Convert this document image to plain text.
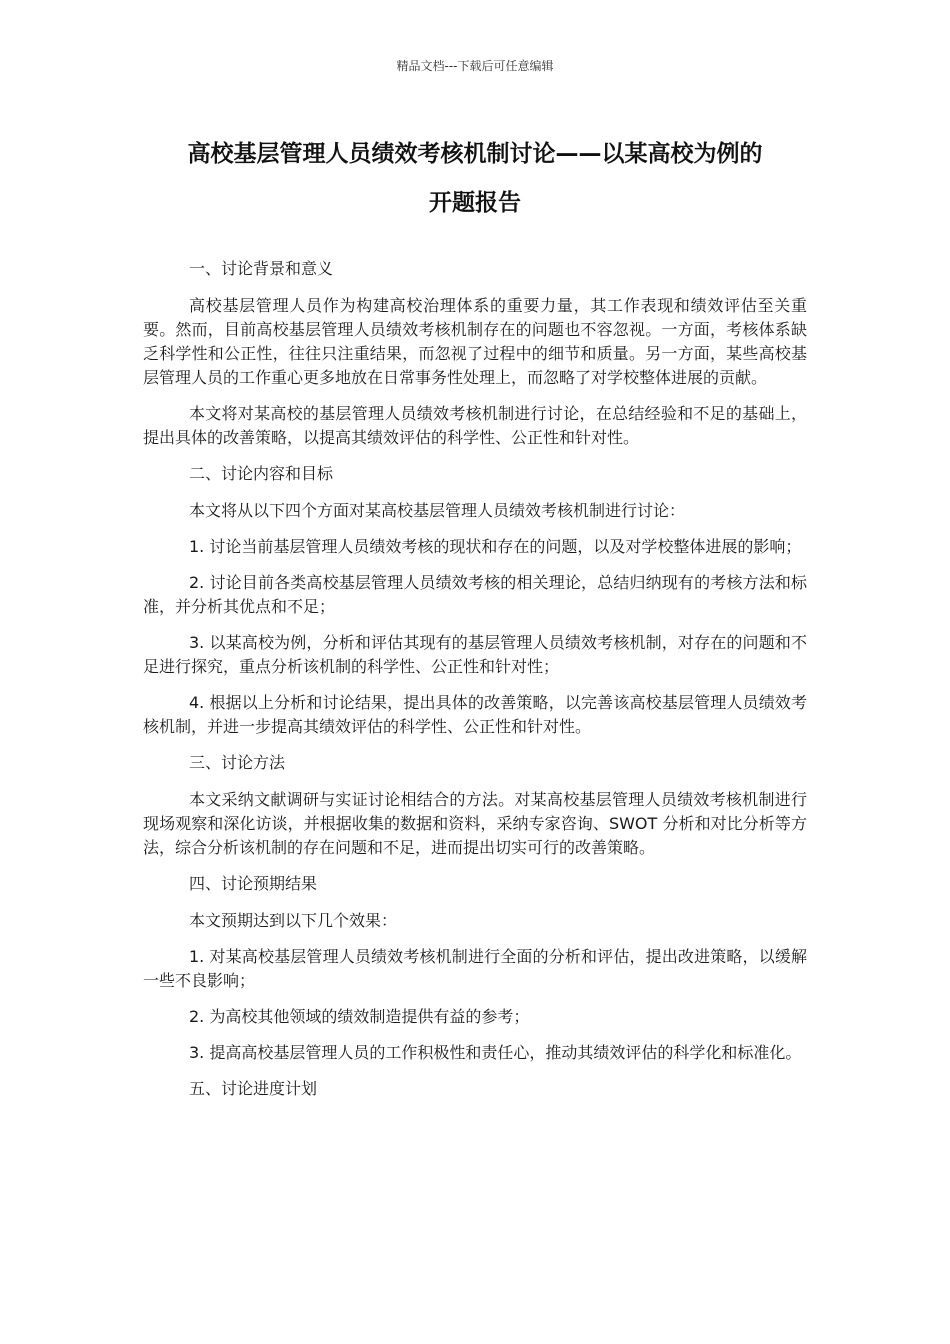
精品文档---下载后可任意编辑
高校基层管理人员绩效考核机制讨论——以某高校为例的
开题报告

一、讨论背景和意义

高校基层管理人员作为构建高校治理体系的重要力量，其工作表现和绩效评估至关重要。然而，目前高校基层管理人员绩效考核机制存在的问题也不容忽视。一方面，考核体系缺乏科学性和公正性，往往只注重结果，而忽视了过程中的细节和质量。另一方面，某些高校基层管理人员的工作重心更多地放在日常事务性处理上，而忽略了对学校整体进展的贡献。

本文将对某高校的基层管理人员绩效考核机制进行讨论，在总结经验和不足的基础上，提出具体的改善策略，以提高其绩效评估的科学性、公正性和针对性。

二、讨论内容和目标

本文将从以下四个方面对某高校基层管理人员绩效考核机制进行讨论：

1. 讨论当前基层管理人员绩效考核的现状和存在的问题，以及对学校整体进展的影响；

2. 讨论目前各类高校基层管理人员绩效考核的相关理论，总结归纳现有的考核方法和标准，并分析其优点和不足；

3. 以某高校为例，分析和评估其现有的基层管理人员绩效考核机制，对存在的问题和不足进行探究，重点分析该机制的科学性、公正性和针对性；

4. 根据以上分析和讨论结果，提出具体的改善策略，以完善该高校基层管理人员绩效考核机制，并进一步提高其绩效评估的科学性、公正性和针对性。

三、讨论方法

本文采纳文献调研与实证讨论相结合的方法。对某高校基层管理人员绩效考核机制进行现场观察和深化访谈，并根据收集的数据和资料，采纳专家咨询、SWOT 分析和对比分析等方法，综合分析该机制的存在问题和不足，进而提出切实可行的改善策略。

四、讨论预期结果

本文预期达到以下几个效果：

1. 对某高校基层管理人员绩效考核机制进行全面的分析和评估，提出改进策略，以缓解一些不良影响；

2. 为高校其他领域的绩效制造提供有益的参考；

3. 提高高校基层管理人员的工作积极性和责任心，推动其绩效评估的科学化和标准化。

五、讨论进度计划
